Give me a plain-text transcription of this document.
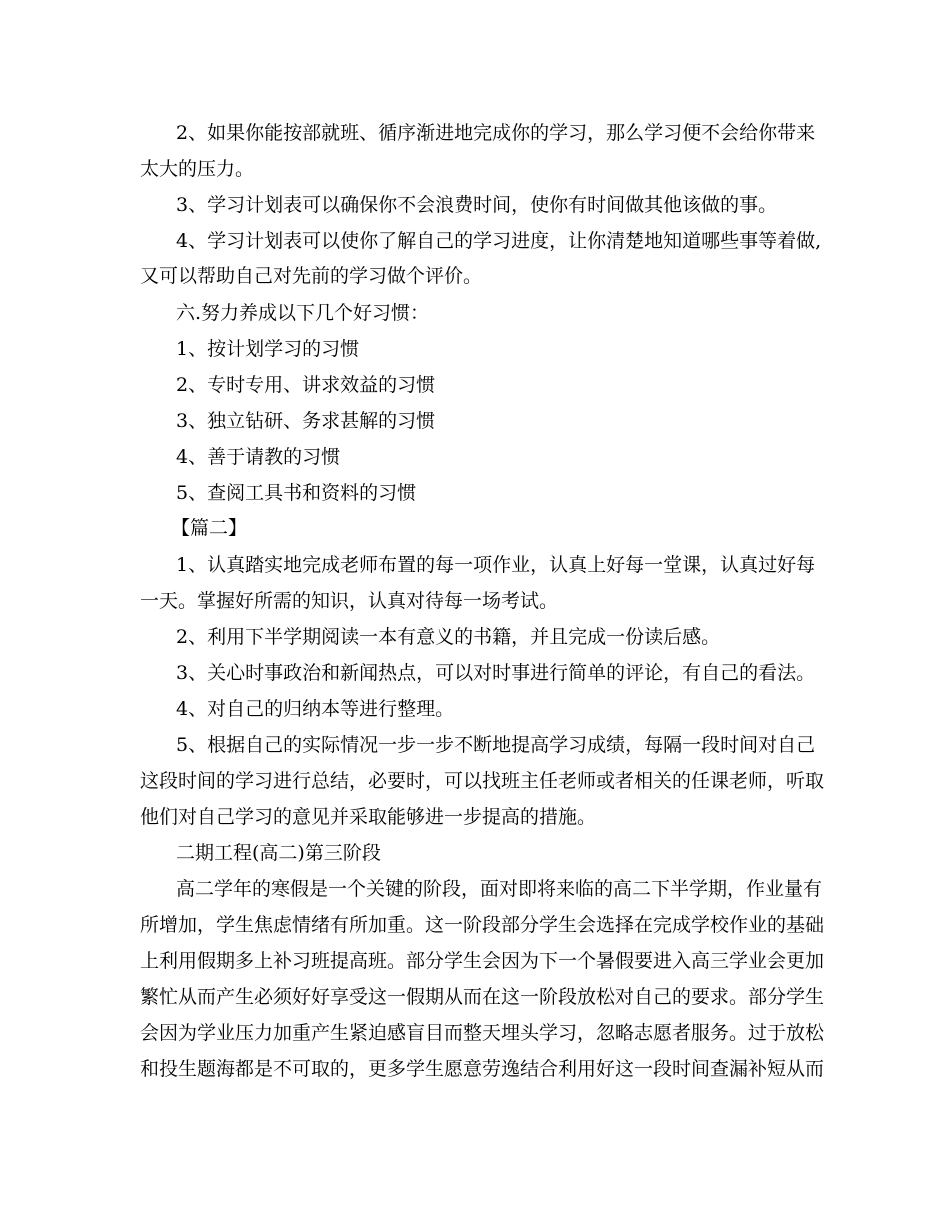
2、如果你能按部就班、循序渐进地完成你的学习，那么学习便不会给你带来
太大的压力。
3、学习计划表可以确保你不会浪费时间，使你有时间做其他该做的事。
4、学习计划表可以使你了解自己的学习进度，让你清楚地知道哪些事等着做,
又可以帮助自己对先前的学习做个评价。
六.努力养成以下几个好习惯：
1、按计划学习的习惯
2、专时专用、讲求效益的习惯
3、独立钻研、务求甚解的习惯
4、善于请教的习惯
5、查阅工具书和资料的习惯
【篇二】
1、认真踏实地完成老师布置的每一项作业，认真上好每一堂课，认真过好每
一天。掌握好所需的知识，认真对待每一场考试。
2、利用下半学期阅读一本有意义的书籍，并且完成一份读后感。
3、关心时事政治和新闻热点，可以对时事进行简单的评论，有自己的看法。
4、对自己的归纳本等进行整理。
5、根据自己的实际情况一步一步不断地提高学习成绩，每隔一段时间对自己
这段时间的学习进行总结，必要时，可以找班主任老师或者相关的任课老师，听取
他们对自己学习的意见并采取能够进一步提高的措施。
二期工程(高二)第三阶段
高二学年的寒假是一个关键的阶段，面对即将来临的高二下半学期，作业量有
所增加，学生焦虑情绪有所加重。这一阶段部分学生会选择在完成学校作业的基础
上利用假期多上补习班提高班。部分学生会因为下一个暑假要进入高三学业会更加
繁忙从而产生必须好好享受这一假期从而在这一阶段放松对自己的要求。部分学生
会因为学业压力加重产生紧迫感盲目而整天埋头学习，忽略志愿者服务。过于放松
和投生题海都是不可取的，更多学生愿意劳逸结合利用好这一段时间查漏补短从而
